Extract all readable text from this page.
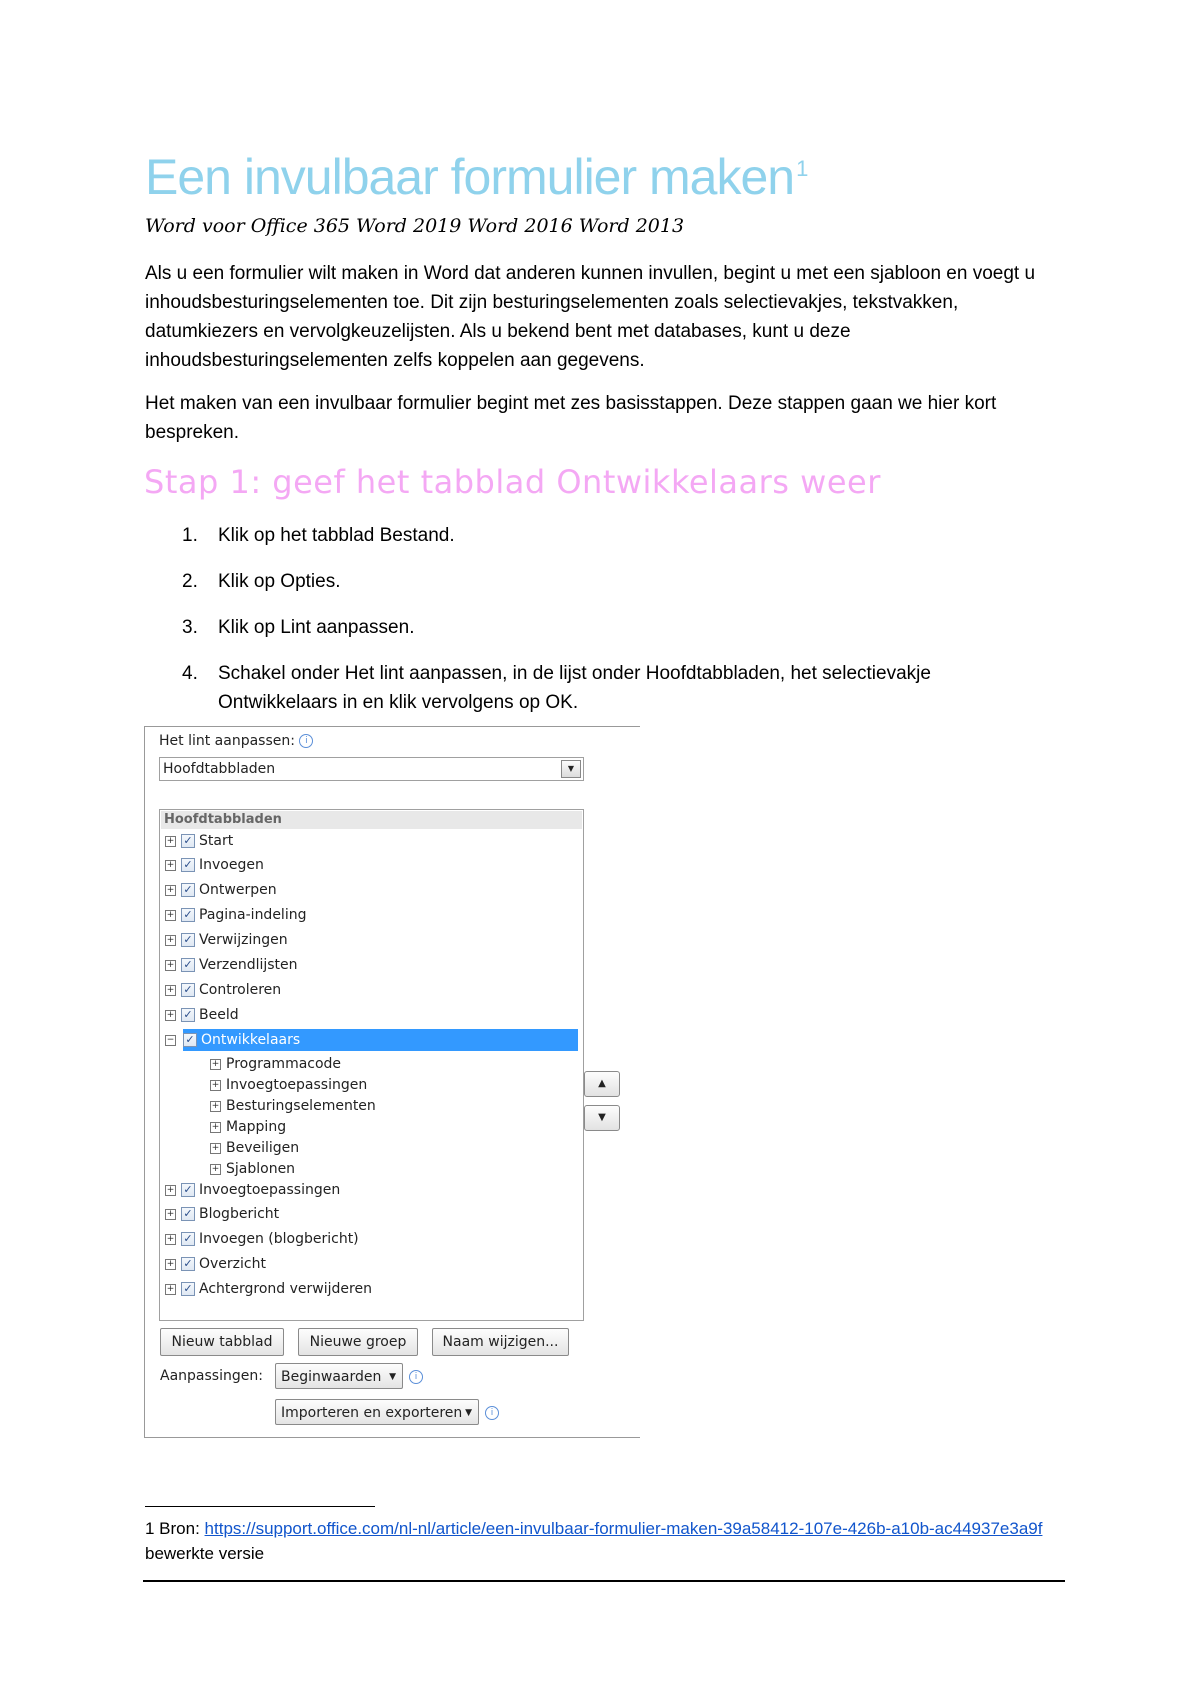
Een invulbaar formulier maken$^1$
Word voor Office 365 Word 2019 Word 2016 Word 2013
Als u een formulier wilt maken in Word dat anderen kunnen invullen, begint u met een sjabloon en voegt u inhoudsbesturingselementen toe. Dit zijn besturingselementen zoals selectievakjes, tekstvakken, datumkiezers en vervolgkeuzelijsten. Als u bekend bent met databases, kunt u deze inhoudsbesturingselementen zelfs koppelen aan gegevens.
Het maken van een invulbaar formulier begint met zes basisstappen. Deze stappen gaan we hier kort bespreken.
Stap 1: geef het tabblad Ontwikkelaars weer
1. Klik op het tabblad Bestand.
2. Klik op Opties.
3. Klik op Lint aanpassen.
4. Schakel onder Het lint aanpassen, in de lijst onder Hoofdtabbladen, het selectievakje Ontwikkelaars in en klik vervolgens op OK.
Het lint aanpassen: i
Hoofdtabbladen	▼
Hoofdtabbladen
+ ✓ Start
+ ✓ Invoegen
+ ✓ Ontwerpen
+ ✓ Pagina-indeling
+ ✓ Verwijzingen
+ ✓ Verzendlijsten
+ ✓ Controleren
+ ✓ Beeld
−	✓ Ontwikkelaars
+ Programmacode
+ Invoegtoepassingen
+ Besturingselementen
+ Mapping
+ Beveiligen
+ Sjablonen
+ ✓ Invoegtoepassingen
+ ✓ Blogbericht
+ ✓ Invoegen (blogbericht)
+ ✓ Overzicht
+ ✓ Achtergrond verwijderen
▲
▼
Nieuw tabblad	Nieuwe groep	Naam wijzigen...
Aanpassingen:	Beginwaarden ▼	i
Importeren en exporteren ▼	i
1 Bron: https://support.office.com/nl-nl/article/een-invulbaar-formulier-maken-39a58412-107e-426b-a10b-ac44937e3a9f bewerkte versie
